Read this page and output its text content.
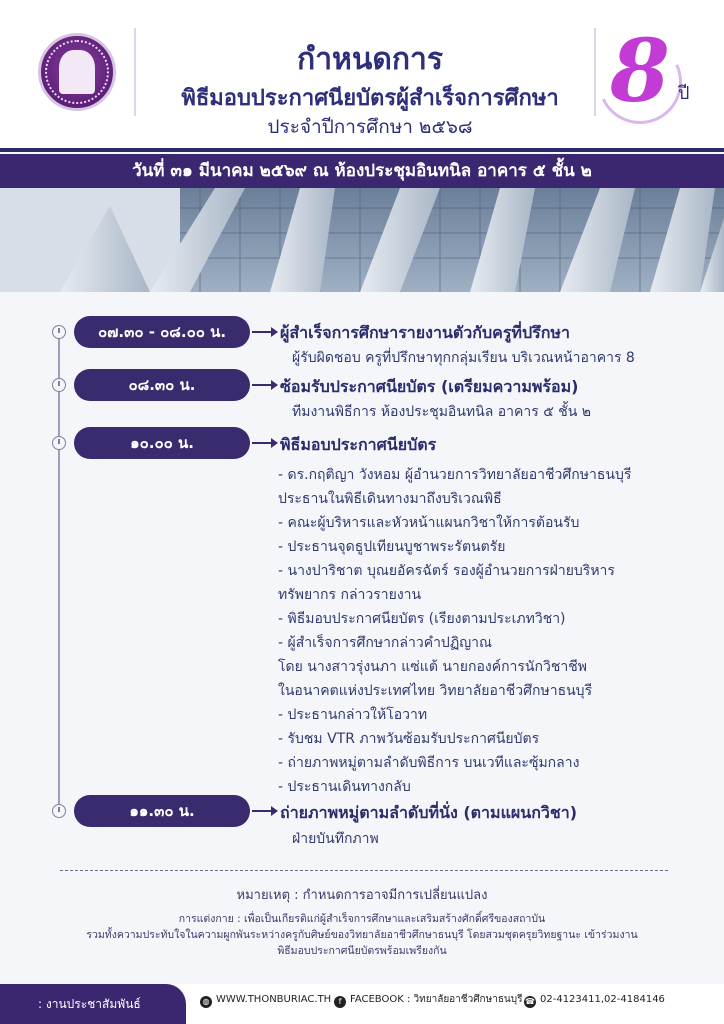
กำหนดการ
พิธีมอบประกาศนียบัตรผู้สำเร็จการศึกษา
ประจำปีการศึกษา ๒๕๖๘
8 ปี
วันที่ ๓๑ มีนาคม ๒๕๖๙ ณ ห้องประชุมอินทนิล อาคาร ๕ ชั้น ๒
๐๗.๓๐ - ๐๘.๐๐ น.	ผู้สำเร็จการศึกษารายงานตัวกับครูที่ปรึกษา
ผู้รับผิดชอบ ครูที่ปรึกษาทุกกลุ่มเรียน บริเวณหน้าอาคาร 8
๐๘.๓๐ น.	ซ้อมรับประกาศนียบัตร (เตรียมความพร้อม)
ทีมงานพิธีการ ห้องประชุมอินทนิล อาคาร ๕ ชั้น ๒
๑๐.๐๐ น.	พิธีมอบประกาศนียบัตร
- ดร.กฤติญา วังหอม ผู้อำนวยการวิทยาลัยอาชีวศึกษาธนบุรี
ประธานในพิธีเดินทางมาถึงบริเวณพิธี
- คณะผู้บริหารและหัวหน้าแผนกวิชาให้การต้อนรับ
- ประธานจุดธูปเทียนบูชาพระรัตนตรัย
- นางปาริชาต บุณยอัครฉัตร์ รองผู้อำนวยการฝ่ายบริหาร
ทรัพยากร กล่าวรายงาน
- พิธีมอบประกาศนียบัตร (เรียงตามประเภทวิชา)
- ผู้สำเร็จการศึกษากล่าวคำปฏิญาณ
โดย นางสาวรุ่งนภา แซ่แต้ นายกองค์การนักวิชาชีพ
ในอนาคตแห่งประเทศไทย วิทยาลัยอาชีวศึกษาธนบุรี
- ประธานกล่าวให้โอวาท
- รับชม VTR ภาพวันซ้อมรับประกาศนียบัตร
- ถ่ายภาพหมู่ตามลำดับพิธีการ บนเวทีและซุ้มกลาง
- ประธานเดินทางกลับ
๑๑.๓๐ น.	ถ่ายภาพหมู่ตามลำดับที่นั่ง (ตามแผนกวิชา)
ฝ่ายบันทึกภาพ
หมายเหตุ : กำหนดการอาจมีการเปลี่ยนแปลง
การแต่งกาย : เพื่อเป็นเกียรติแก่ผู้สำเร็จการศึกษาและเสริมสร้างศักดิ์ศรีของสถาบัน
รวมทั้งความประทับใจในความผูกพันระหว่างครูกับศิษย์ของวิทยาลัยอาชีวศึกษาธนบุรี โดยสวมชุดครุยวิทยฐานะ เข้าร่วมงาน
พิธีมอบประกาศนียบัตรพร้อมเพรียงกัน
: งานประชาสัมพันธ์	◍ WWW.THONBURIAC.TH f FACEBOOK : วิทยาลัยอาชีวศึกษาธนบุรี ☎ 02-4123411,02-4184146
